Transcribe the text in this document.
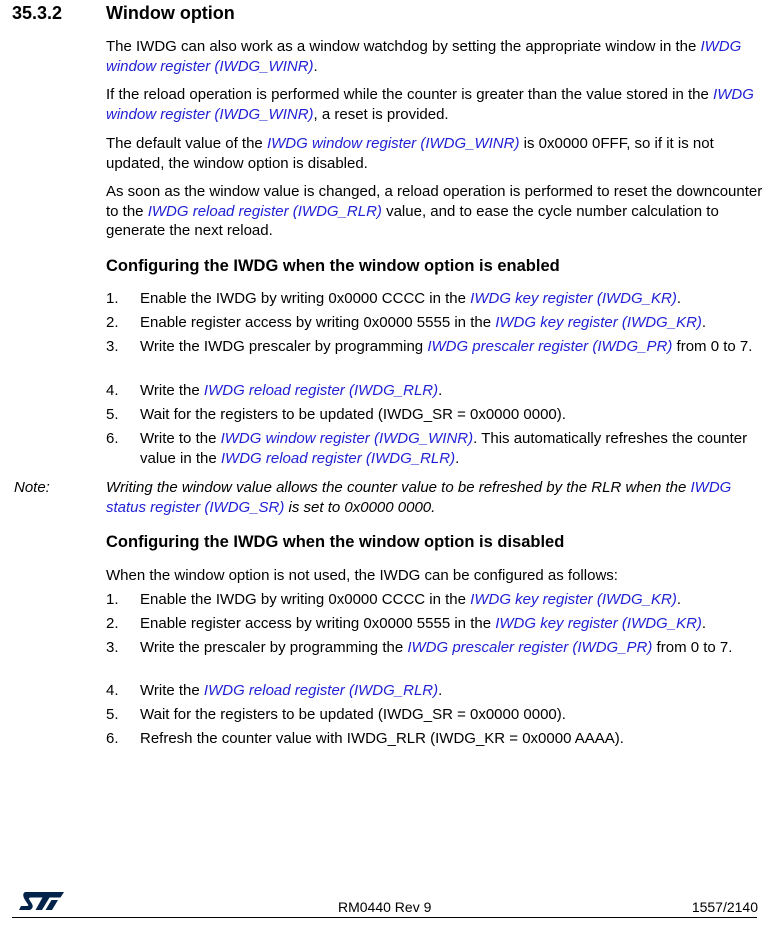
35.3.2 Window option

The IWDG can also work as a window watchdog by setting the appropriate window in the IWDG window register (IWDG_WINR).

If the reload operation is performed while the counter is greater than the value stored in the IWDG window register (IWDG_WINR), a reset is provided.

The default value of the IWDG window register (IWDG_WINR) is 0x0000 0FFF, so if it is not updated, the window option is disabled.

As soon as the window value is changed, a reload operation is performed to reset the downcounter to the IWDG reload register (IWDG_RLR) value, and to ease the cycle number calculation to generate the next reload.

Configuring the IWDG when the window option is enabled
1. Enable the IWDG by writing 0x0000 CCCC in the IWDG key register (IWDG_KR).
2. Enable register access by writing 0x0000 5555 in the IWDG key register (IWDG_KR).
3. Write the IWDG prescaler by programming IWDG prescaler register (IWDG_PR) from 0 to 7.
4. Write the IWDG reload register (IWDG_RLR).
5. Wait for the registers to be updated (IWDG_SR = 0x0000 0000).
6. Write to the IWDG window register (IWDG_WINR). This automatically refreshes the counter value in the IWDG reload register (IWDG_RLR).
Note:	Writing the window value allows the counter value to be refreshed by the RLR when the IWDG status register (IWDG_SR) is set to 0x0000 0000.
Configuring the IWDG when the window option is disabled

When the window option is not used, the IWDG can be configured as follows:

1. Enable the IWDG by writing 0x0000 CCCC in the IWDG key register (IWDG_KR).
2. Enable register access by writing 0x0000 5555 in the IWDG key register (IWDG_KR).
3. Write the prescaler by programming the IWDG prescaler register (IWDG_PR) from 0 to 7.
4. Write the IWDG reload register (IWDG_RLR).
5. Wait for the registers to be updated (IWDG_SR = 0x0000 0000).
6. Refresh the counter value with IWDG_RLR (IWDG_KR = 0x0000 AAAA).
RM0440 Rev 9	1557/2140
